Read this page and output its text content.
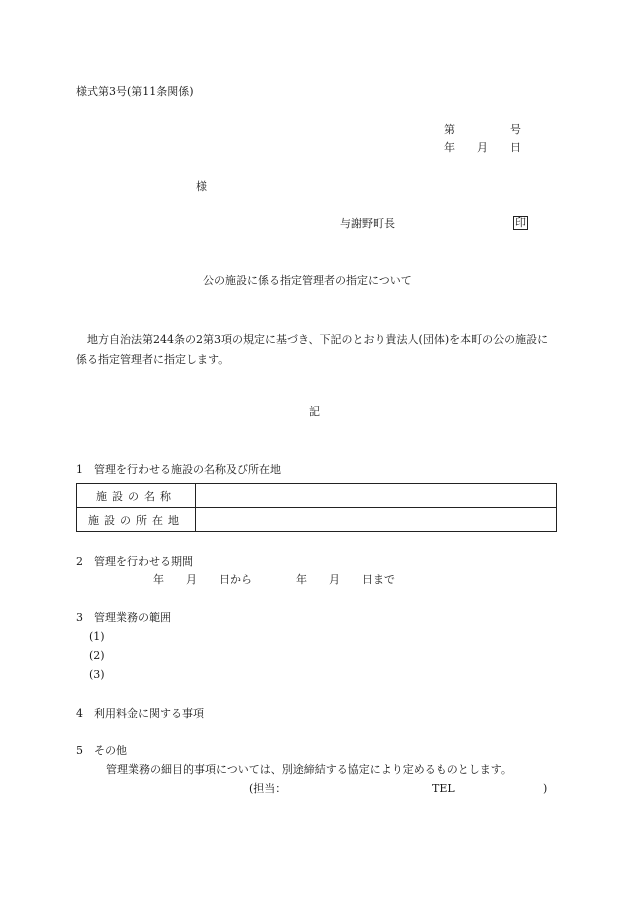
様式第3号(第11条関係)
第　　　　　号
年　　月　　日
様
与謝野町長	印
公の施設に係る指定管理者の指定について
地方自治法第244条の2第3項の規定に基づき、下記のとおり貴法人(団体)を本町の公の施設に係る指定管理者に指定します。
記
1　管理を行わせる施設の名称及び所在地
施設の名称	
施設の所在地	
2　管理を行わせる期間
年　　月　　日から　　　　年　　月　　日まで
3　管理業務の範囲
(1)
(2)
(3)
4　利用料金に関する事項
5　その他
管理業務の細目的事項については、別途締結する協定により定めるものとします。
(担当：	TEL	)
